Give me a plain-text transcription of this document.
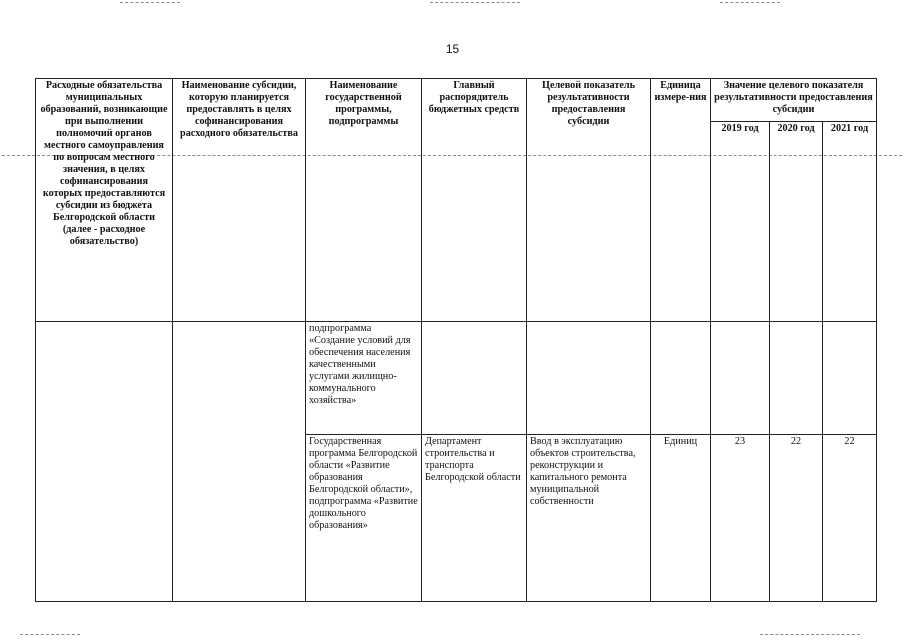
15
Расходные обязательства муниципальных образований, возникающие при выполнении полномочий органов местного самоуправления по вопросам местного значения, в целях софинансирования которых предоставляются субсидии из бюджета Белгородской области (далее - расходное обязательство)	Наименование субсидии, которую планируется предоставлять в целях софинансирования расходного обязательства	Наименование государственной программы, подпрограммы	Главный распорядитель бюджетных средств	Целевой показатель результативности предоставления субсидии	Единица измере-ния	Значение целевого показателя результативности предоставления субсидии		

						2019 год	2020 год	2021 год

		подпрограмма «Создание условий для обеспечения населения качественными услугами жилищно-коммунального хозяйства»						
		Государственная программа Белгородской области «Развитие образования Белгородской области», подпрограмма «Развитие дошкольного образования»	Департамент строительства и транспорта Белгородской области	Ввод в эксплуатацию объектов строительства, реконструкции и капитального ремонта муниципальной собственности	Единиц	23	22	22
